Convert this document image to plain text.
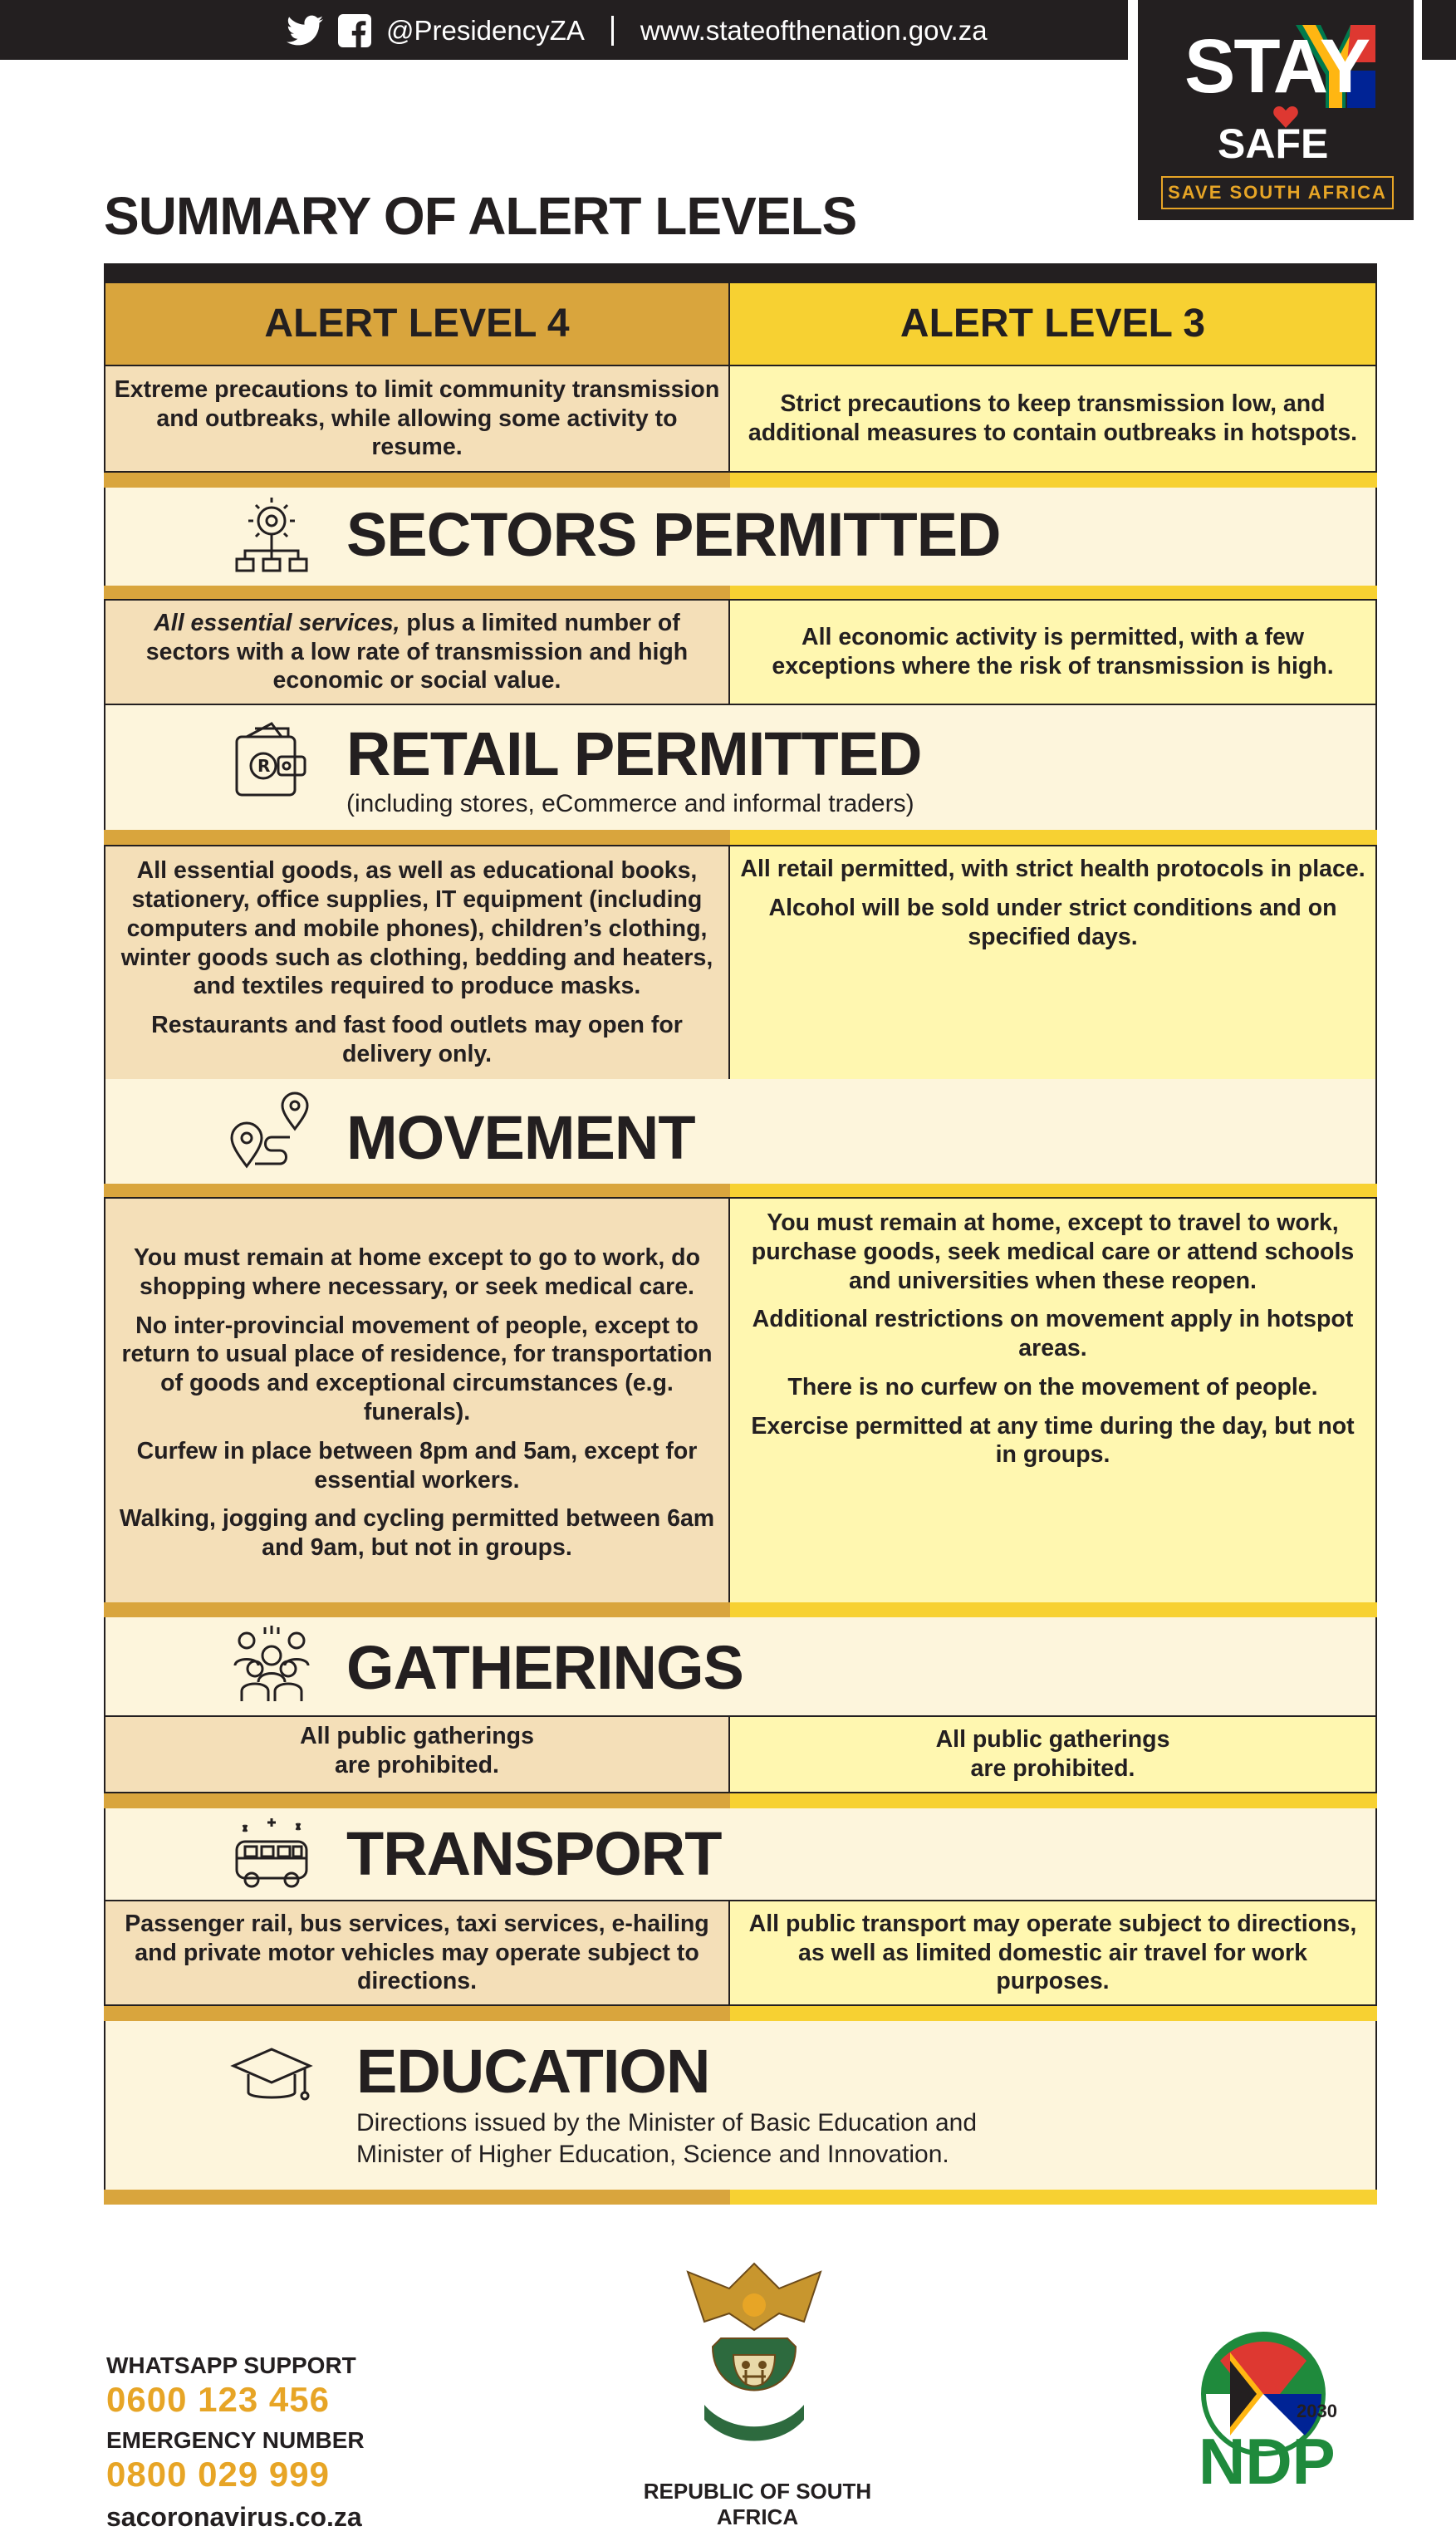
@PresidencyZA www.stateofthenation.gov.za	STAY
SAFE
SAVE SOUTH AFRICA
SUMMARY OF ALERT LEVELS
ALERT LEVEL 4	ALERT LEVEL 3

Extreme precautions to limit community transmission and outbreaks, while allowing some activity to resume.

Strict precautions to keep transmission low, and additional measures to contain outbreaks in hotspots.

SECTORS PERMITTED

All essential services, plus a limited number of sectors with a low rate of transmission and high economic or social value.

All economic activity is permitted, with a few exceptions where the risk of transmission is high.

R RETAIL PERMITTED
(including stores, eCommerce and informal traders)

All essential goods, as well as educational books, stationery, office supplies, IT equipment (including computers and mobile phones), children’s clothing, winter goods such as clothing, bedding and heaters, and textiles required to produce masks.

Restaurants and fast food outlets may open for delivery only.

All retail permitted, with strict health protocols in place.

Alcohol will be sold under strict conditions and on specified days.

MOVEMENT

You must remain at home except to go to work, do shopping where necessary, or seek medical care.

No inter-provincial movement of people, except to return to usual place of residence, for transportation of goods and exceptional circumstances (e.g. funerals).

Curfew in place between 8pm and 5am, except for essential workers.

Walking, jogging and cycling permitted between 6am and 9am, but not in groups.

You must remain at home, except to travel to work, purchase goods, seek medical care or attend schools and universities when these reopen.

Additional restrictions on movement apply in hotspot areas.

There is no curfew on the movement of people.

Exercise permitted at any time during the day, but not in groups.

GATHERINGS

All public gatherings are prohibited.

All public gatherings are prohibited.

TRANSPORT

Passenger rail, bus services, taxi services, e-hailing and private motor vehicles may operate subject to directions.

All public transport may operate subject to directions, as well as limited domestic air travel for work purposes.

EDUCATION
Directions issued by the Minister of Basic Education and
Minister of Higher Education, Science and Innovation.
WHATSAPP SUPPORT
0600 123 456
EMERGENCY NUMBER
0800 029 999
sacoronavirus.co.za
REPUBLIC OF SOUTH AFRICA
2030
NDP
